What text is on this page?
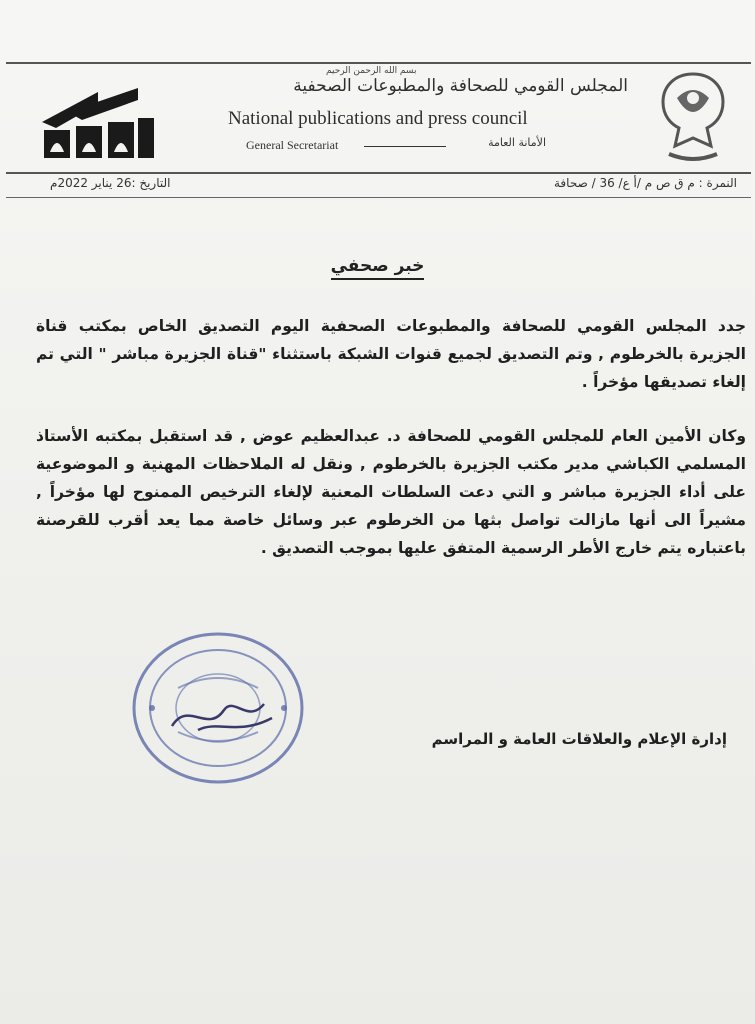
بسم الله الرحمن الرحيم
المجلس القومي للصحافة والمطبوعات الصحفية
National publications and press council
General Secretariat	الأمانة العامة
النمرة : م ق ص م /أ ع/ 36 / صحافة
التاريخ :26 يناير 2022م
خبر صحفي
جدد المجلس القومي للصحافة والمطبوعات الصحفية اليوم التصديق الخاص بمكتب قناة الجزيرة بالخرطوم , وتم التصديق لجميع قنوات الشبكة باستثناء "قناة الجزيرة مباشر " التي تم إلغاء تصديقها مؤخراً .
وكان الأمين العام للمجلس القومي للصحافة د. عبدالعظيم عوض , قد استقبل بمكتبه الأستاذ المسلمي الكباشي مدير مكتب الجزيرة بالخرطوم , ونقل له الملاحظات المهنية و الموضوعية على أداء الجزيرة مباشر و التي دعت السلطات المعنية لإلغاء الترخيص الممنوح لها مؤخراً , مشيراً الى أنها مازالت تواصل بثها من الخرطوم عبر وسائل خاصة مما يعد أقرب للقرصنة باعتباره يتم خارج الأطر الرسمية المتفق عليها بموجب التصديق .
إدارة الإعلام والعلاقات العامة و المراسم
